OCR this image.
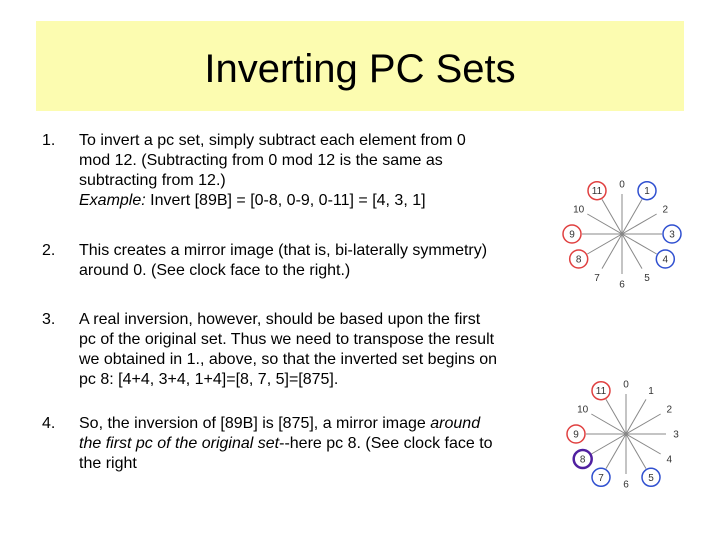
Inverting PC Sets
1. To invert a pc set, simply subtract each element from 0
mod 12. (Subtracting from 0 mod 12 is the same as
subtracting from 12.)
Example: Invert [89B] = [0-8, 0-9, 0-11] = [4, 3, 1]
2. This creates a mirror image (that is, bi-laterally symmetry)
around 0. (See clock face to the right.)
3. A real inversion, however, should be based upon the first
pc of the original set. Thus we need to transpose the result
we obtained in 1., above, so that the inverted set begins on
pc 8: [4+4, 3+4, 1+4]=[8, 7, 5]=[875].
4. So, the inversion of [89B] is [875], a mirror image around
the first pc of the original set--here pc 8. (See clock face to
the right
0
1
2
3
4
5
6
7
8
9
10
11
0
1
2
3
4
5
6
7
8
9
10
11
